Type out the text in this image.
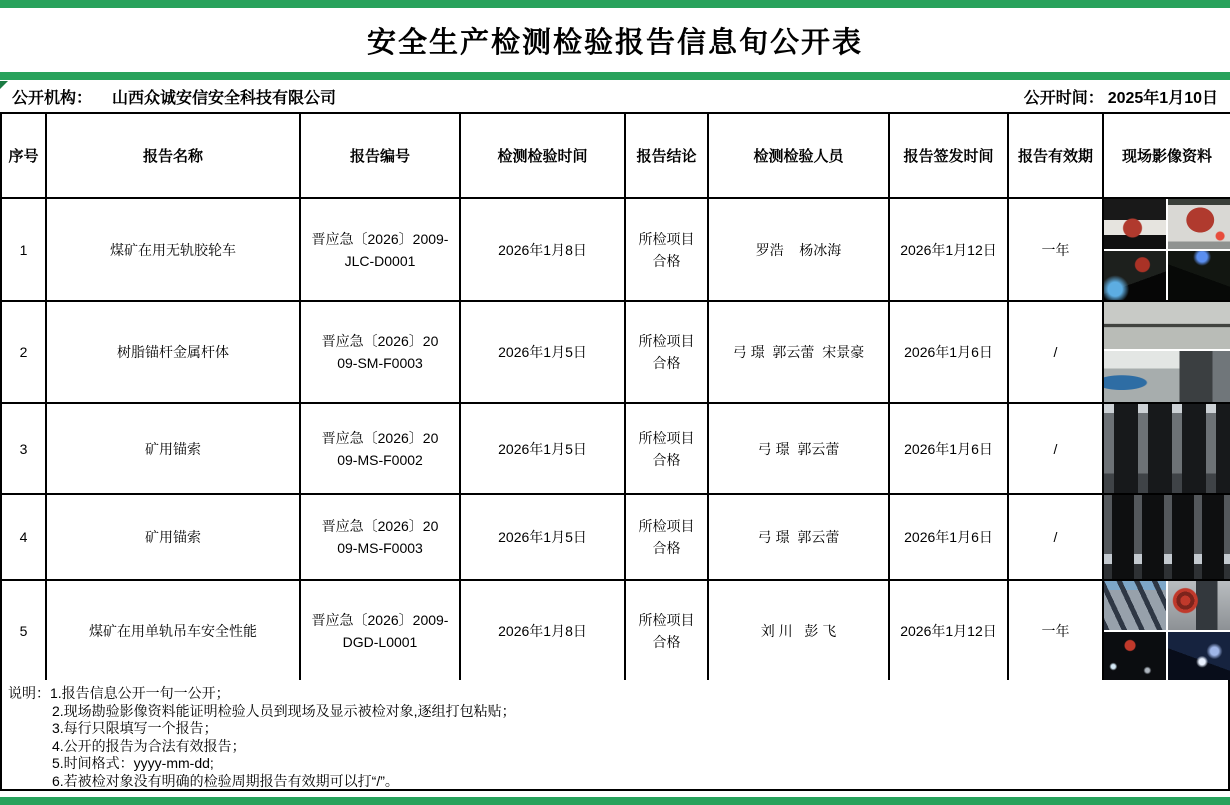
安全生产检测检验报告信息旬公开表
公开机构： 山西众诚安信安全科技有限公司	公开时间： 2025年1月10日
序号	报告名称	报告编号	检测检验时间	报告结论	检测检验人员	报告签发时间	报告有效期	现场影像资料
1	煤矿在用无轨胶轮车	晋应急〔2026〕2009-
JLC-D0001	2026年1月8日	所检项目合格	罗浩    杨冰海	2026年1月12日	一年	

2	树脂锚杆金属杆体	晋应急〔2026〕20
09-SM-F0003	2026年1月5日	所检项目合格	弓 璟  郭云蕾  宋景豪	2026年1月6日	/	

3	矿用锚索	晋应急〔2026〕20
09-MS-F0002	2026年1月5日	所检项目合格	弓 璟  郭云蕾	2026年1月6日	/	

4	矿用锚索	晋应急〔2026〕20
09-MS-F0003	2026年1月5日	所检项目合格	弓 璟  郭云蕾	2026年1月6日	/	

5	煤矿在用单轨吊车安全性能	晋应急〔2026〕2009-
DGD-L0001	2026年1月8日	所检项目合格	刘 川   彭 飞	2026年1月12日	一年	
说明：1.报告信息公开一旬一公开；
2.现场勘验影像资料能证明检验人员到现场及显示被检对象,逐组打包粘贴；
3.每行只限填写一个报告；
4.公开的报告为合法有效报告；
5.时间格式：yyyy-mm-dd;
6.若被检对象没有明确的检验周期报告有效期可以打“/”。
